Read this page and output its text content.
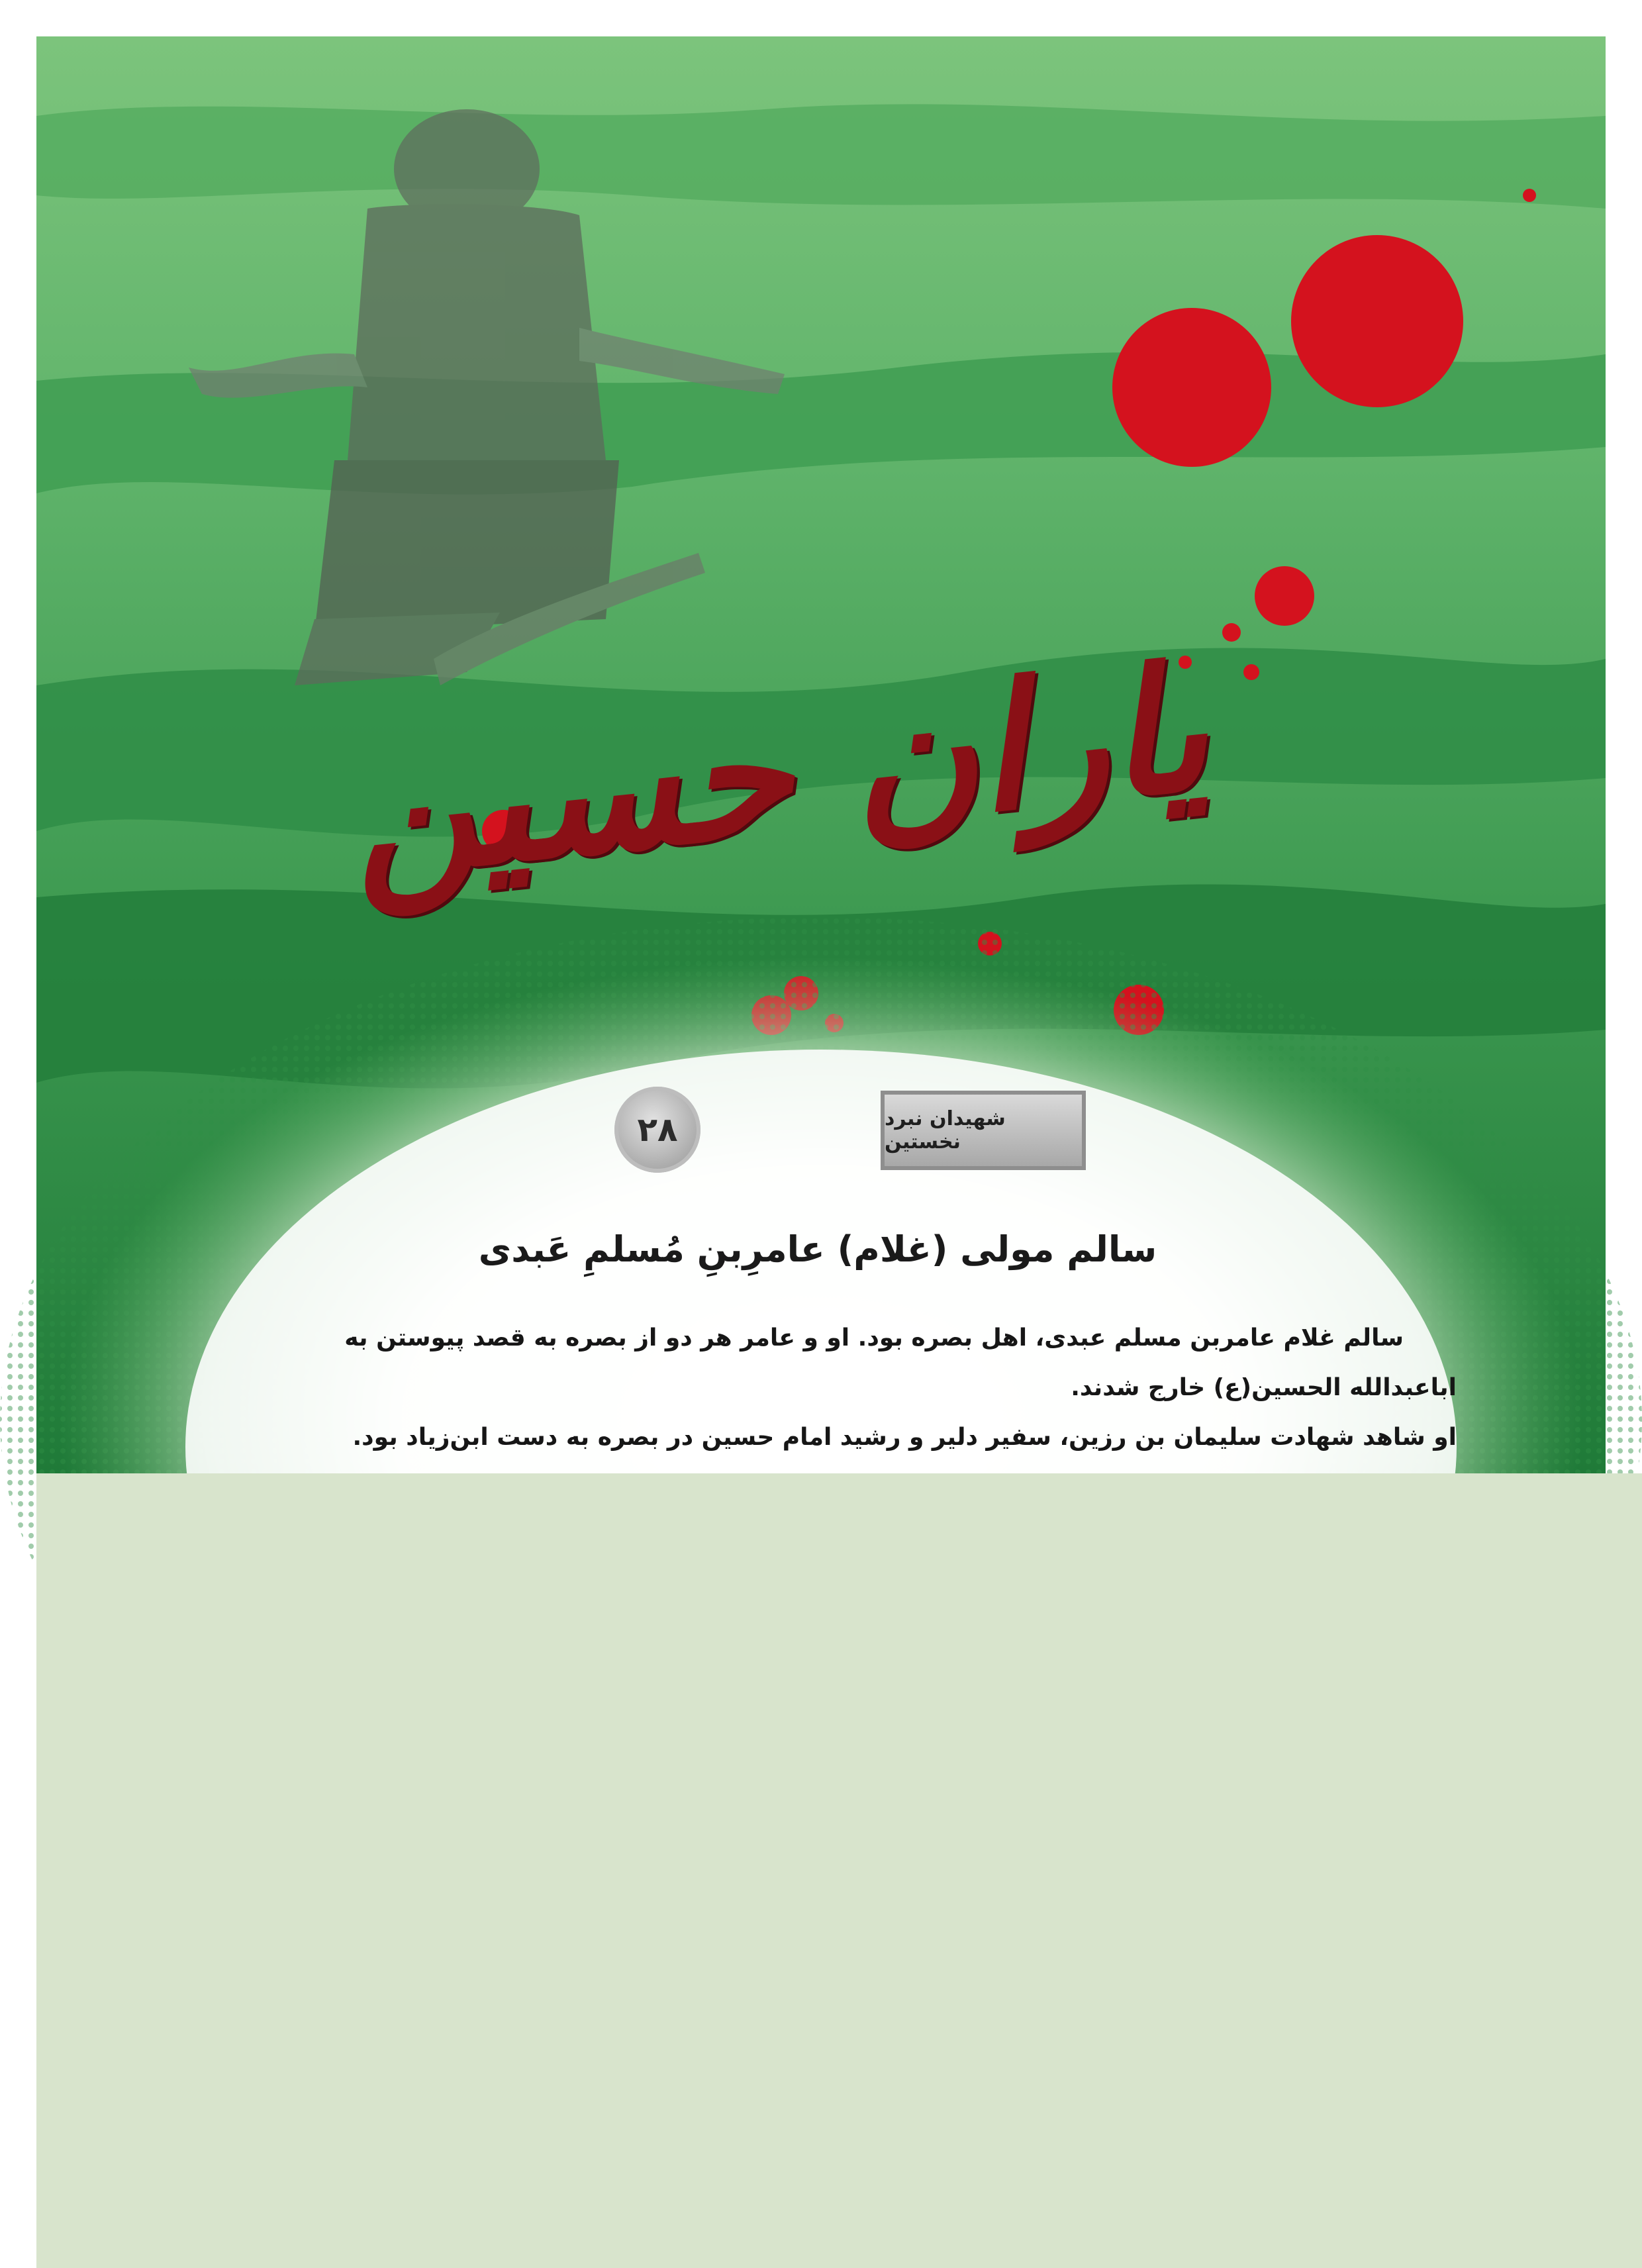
یاران حسین
۲۸	شهیدان نبرد نخستین
سالم مولی (غلام) عامرِبنِ مُسلمِ عَبدی

سالم غلام عامربن مسلم عبدی، اهل بصره بود. او و عامر هر دو از بصره به قصد پیوستن به اباعبدالله الحسین(ع) خارج شدند.

او شاهد شهادت سلیمان بن رزین، سفیر دلیر و رشید امام حسین در بصره به دست ابن‌زیاد بود.
